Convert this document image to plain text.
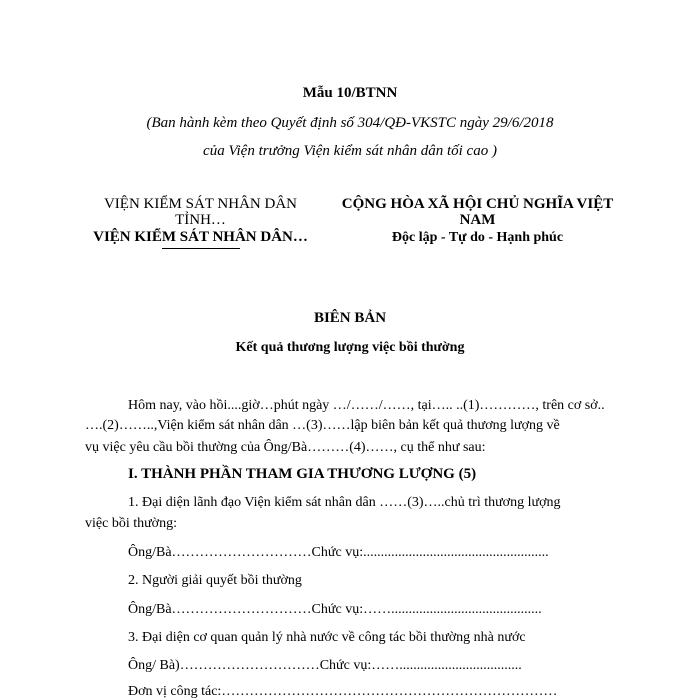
Mẫu 10/BTNN
(Ban hành kèm theo Quyết định số 304/QĐ-VKSTC ngày 29/6/2018
của Viện trưởng Viện kiểm sát nhân dân tối cao )
VIỆN KIỂM SÁT NHÂN DÂN
TỈNH…
VIỆN KIỂM SÁT NHÂN DÂN…
CỘNG HÒA XÃ HỘI CHỦ NGHĨA VIỆT
NAM
Độc lập - Tự do - Hạnh phúc
BIÊN BẢN
Kết quả thương lượng việc bồi thường
Hôm nay, vào hồi....giờ…phút ngày …/……/……, tại….. ..(1)…………, trên cơ sở..
….(2)……..,Viện kiểm sát nhân dân …(3)……lập biên bản kết quả thương lượng về
vụ việc yêu cầu bồi thường của Ông/Bà………(4)……, cụ thể như sau:
I. THÀNH PHẦN THAM GIA THƯƠNG LƯỢNG (5)
1. Đại diện lãnh đạo Viện kiểm sát nhân dân ……(3)…..chủ trì thương lượng
việc bồi thường:
Ông/Bà…………………………Chức vụ:.....................................................
2. Người giải quyết bồi thường
Ông/Bà…………………………Chức vụ:……...........................................
3. Đại diện cơ quan quản lý nhà nước về công tác bồi thường nhà nước
Ông/ Bà)…………………………Chức vụ:……...................................
Đơn vị công tác:………………………………………………………………
